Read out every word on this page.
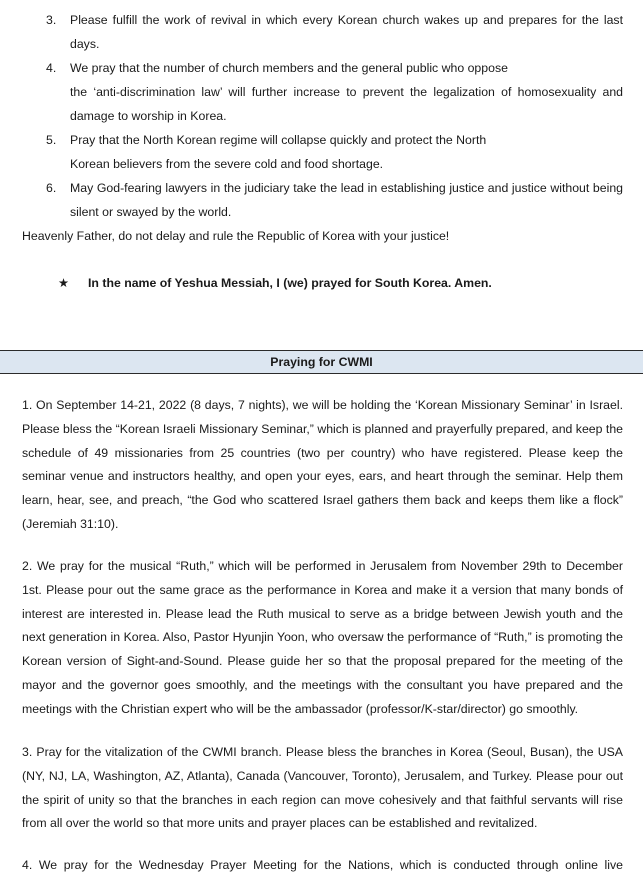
3. Please fulfill the work of revival in which every Korean church wakes up and prepares for the last days.
4. We pray that the number of church members and the general public who oppose
the ‘anti-discrimination law’ will further increase to prevent the legalization of homosexuality and
damage to worship in Korea.
5. Pray that the North Korean regime will collapse quickly and protect the North
Korean believers from the severe cold and food shortage.
6. May God-fearing lawyers in the judiciary take the lead in establishing justice and justice without being
silent or swayed by the world.
Heavenly Father, do not delay and rule the Republic of Korea with your justice!
★ In the name of Yeshua Messiah, I (we) prayed for South Korea. Amen.
Praying for CWMI
1. On September 14-21, 2022 (8 days, 7 nights), we will be holding the ‘Korean Missionary Seminar’ in Israel. Please bless the “Korean Israeli Missionary Seminar,” which is planned and prayerfully prepared, and keep the schedule of 49 missionaries from 25 countries (two per country) who have registered. Please keep the seminar venue and instructors healthy, and open your eyes, ears, and heart through the seminar. Help them learn, hear, see, and preach, “the God who scattered Israel gathers them back and keeps them like a flock” (Jeremiah 31:10).
2. We pray for the musical “Ruth,” which will be performed in Jerusalem from November 29th to December 1st. Please pour out the same grace as the performance in Korea and make it a version that many bonds of interest are interested in. Please lead the Ruth musical to serve as a bridge between Jewish youth and the next generation in Korea. Also, Pastor Hyunjin Yoon, who oversaw the performance of “Ruth,” is promoting the Korean version of Sight-and-Sound. Please guide her so that the proposal prepared for the meeting of the mayor and the governor goes smoothly, and the meetings with the consultant you have prepared and the meetings with the Christian expert who will be the ambassador (professor/K-star/director) go smoothly.
3. Pray for the vitalization of the CWMI branch. Please bless the branches in Korea (Seoul, Busan), the USA (NY, NJ, LA, Washington, AZ, Atlanta), Canada (Vancouver, Toronto), Jerusalem, and Turkey. Please pour out the spirit of unity so that the branches in each region can move cohesively and that faithful servants will rise from all over the world so that more units and prayer places can be established and revitalized.
4. We pray for the Wednesday Prayer Meeting for the Nations, which is conducted through online live
